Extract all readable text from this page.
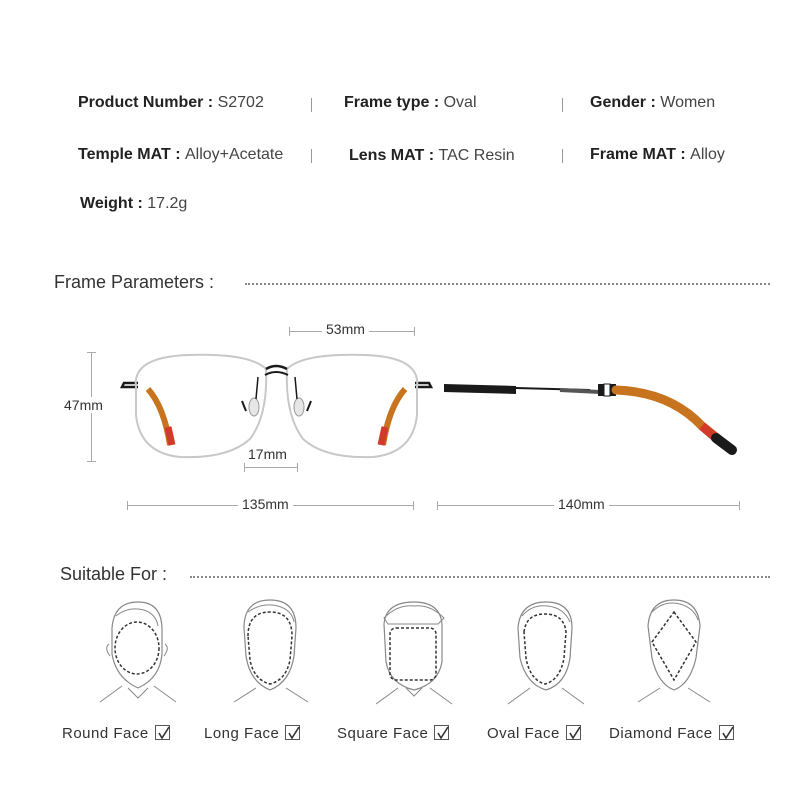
Product Number : S2702	Frame type : Oval	Gender : Women
Temple MAT : Alloy+Acetate	Lens MAT : TAC Resin	Frame MAT : Alloy
Weight : 17.2g
Frame Parameters :
53mm
47mm
17mm
135mm	140mm
Suitable For :
Round Face	Long Face	Square Face	Oval Face	Diamond Face
